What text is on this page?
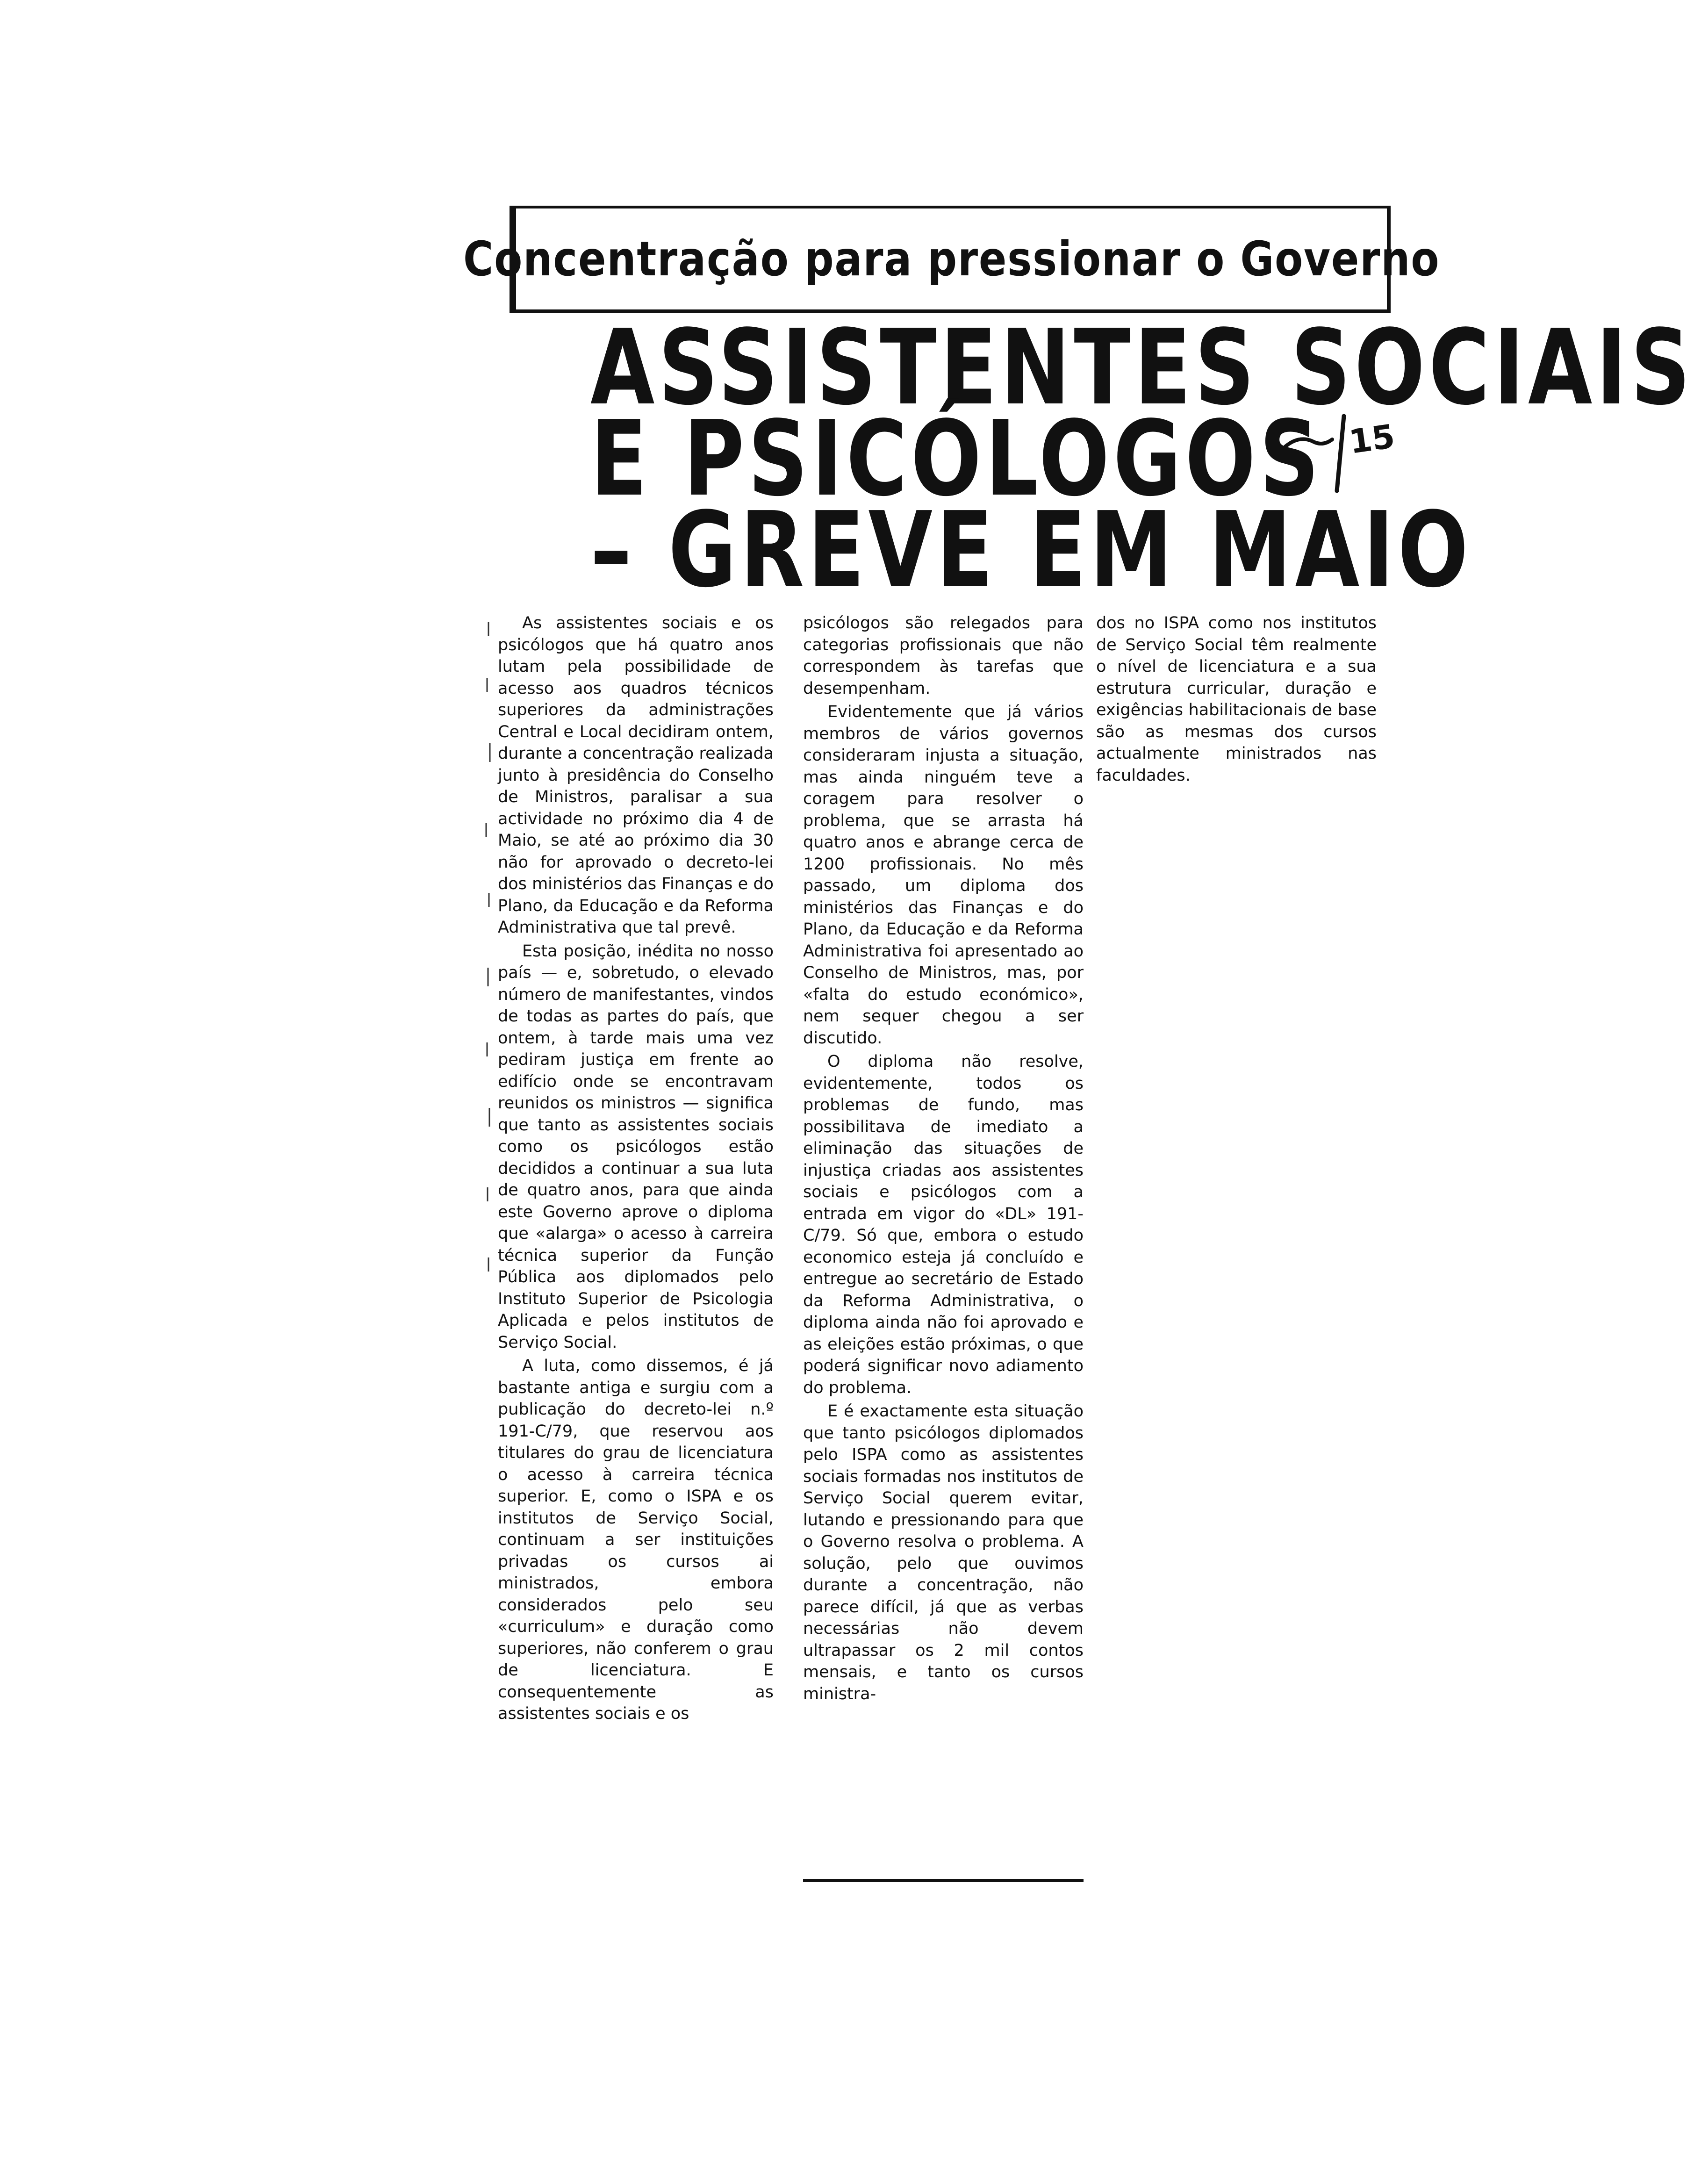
Concentração para pressionar o Governo
ASSISTENTES SOCIAIS
E PSICÓLOGOS
– GREVE EM MAIO
15

As assistentes sociais e os psicólogos que há quatro anos lutam pela possibilidade de acesso aos quadros técnicos superiores da administrações Central e Local decidiram ontem, durante a concentração realizada junto à presidência do Conselho de Ministros, paralisar a sua actividade no próximo dia 4 de Maio, se até ao próximo dia 30 não for aprovado o decreto-lei dos ministérios das Finanças e do Plano, da Educação e da Reforma Administrativa que tal prevê.

Esta posição, inédita no nosso país — e, sobretudo, o elevado número de manifestantes, vindos de todas as partes do país, que ontem, à tarde mais uma vez pediram justiça em frente ao edifício onde se encontravam reunidos os ministros — significa que tanto as assistentes sociais como os psicólogos estão decididos a continuar a sua luta de quatro anos, para que ainda este Governo aprove o diploma que «alarga» o acesso à carreira técnica superior da Função Pública aos diplomados pelo Instituto Superior de Psicologia Aplicada e pelos institutos de Serviço Social.

A luta, como dissemos, é já bastante antiga e surgiu com a publicação do decreto-lei n.º 191-C/79, que reservou aos titulares do grau de licenciatura o acesso à carreira técnica superior. E, como o ISPA e os institutos de Serviço Social, continuam a ser instituições privadas os cursos ai ministrados, embora considerados pelo seu «curriculum» e duração como superiores, não conferem o grau de licenciatura. E consequentemente as assistentes sociais e os

psicólogos são relegados para categorias profissionais que não correspondem às tarefas que desempenham.

Evidentemente que já vários membros de vários governos consideraram injusta a situação, mas ainda ninguém teve a coragem para resolver o problema, que se arrasta há quatro anos e abrange cerca de 1200 profissionais. No mês passado, um diploma dos ministérios das Finanças e do Plano, da Educação e da Reforma Administrativa foi apresentado ao Conselho de Ministros, mas, por «falta do estudo económico», nem sequer chegou a ser discutido.

O diploma não resolve, evidentemente, todos os problemas de fundo, mas possibilitava de imediato a eliminação das situações de injustiça criadas aos assistentes sociais e psicólogos com a entrada em vigor do «DL» 191-C/79. Só que, embora o estudo economico esteja já concluído e entregue ao secretário de Estado da Reforma Administrativa, o diploma ainda não foi aprovado e as eleições estão próximas, o que poderá significar novo adiamento do problema.

E é exactamente esta situação que tanto psicólogos diplomados pelo ISPA como as assistentes sociais formadas nos institutos de Serviço Social querem evitar, lutando e pressionando para que o Governo resolva o problema. A solução, pelo que ouvimos durante a concentração, não parece difícil, já que as verbas necessárias não devem ultrapassar os 2 mil contos mensais, e tanto os cursos ministra-

dos no ISPA como nos institutos de Serviço Social têm realmente o nível de licenciatura e a sua estrutura curricular, duração e exigências habilitacionais de base são as mesmas dos cursos actualmente ministrados nas faculdades.
